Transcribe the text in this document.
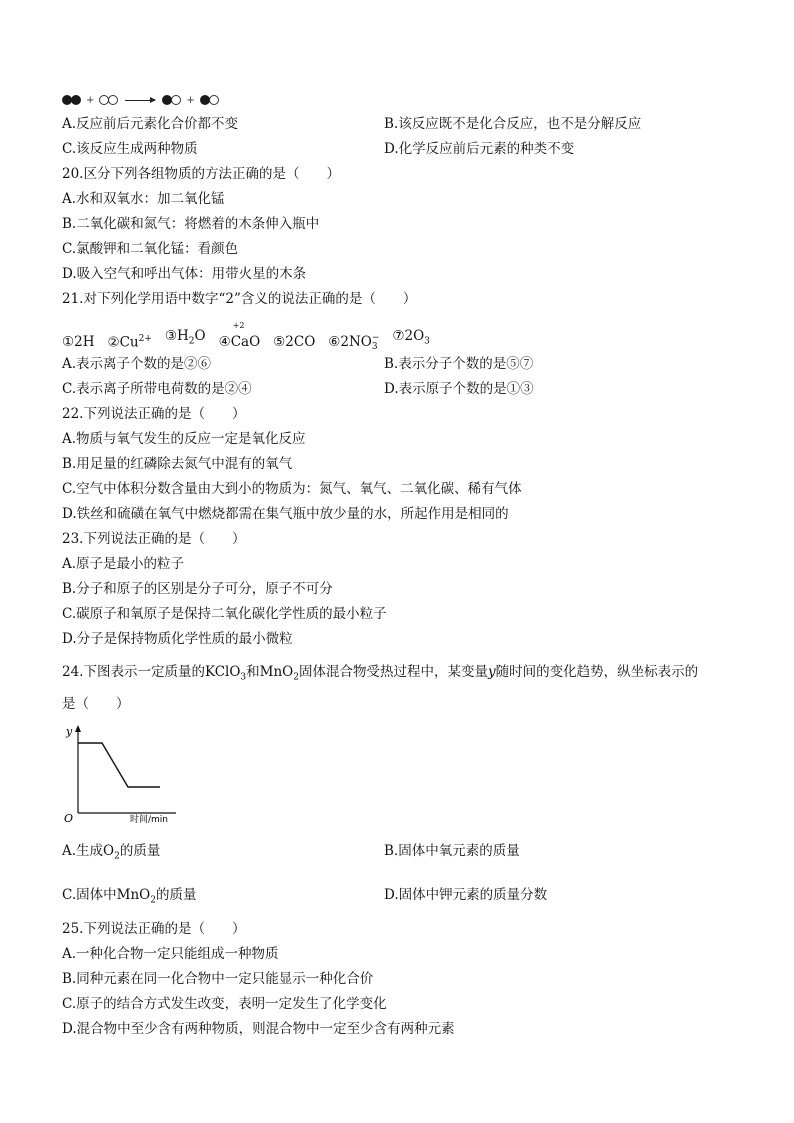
+	+
A.反应前后元素化合价都不变	B.该反应既不是化合反应，也不是分解反应
C.该反应生成两种物质	D.化学反应前后元素的种类不变
20.区分下列各组物质的方法正确的是（　　）
A.水和双氧水：加二氧化锰
B.二氧化碳和氮气：将燃着的木条伸入瓶中
C.氯酸钾和二氧化锰：看颜色
D.吸入空气和呼出气体：用带火星的木条
21.对下列化学用语中数字“2”含义的说法正确的是（　　）
①2H $②Cu^{2+}$ $③H_2O$ ④
+2
CaO ⑤2CO ⑥2NO −
3
$⑦2O_3$
A.表示离子个数的是②⑥	B.表示分子个数的是⑤⑦
C.表示离子所带电荷数的是②④	D.表示原子个数的是①③
22.下列说法正确的是（　　）
A.物质与氧气发生的反应一定是氧化反应
B.用足量的红磷除去氮气中混有的氧气
C.空气中体积分数含量由大到小的物质为：氮气、氧气、二氧化碳、稀有气体
D.铁丝和硫磺在氧气中燃烧都需在集气瓶中放少量的水，所起作用是相同的
23.下列说法正确的是（　　）
A.原子是最小的粒子
B.分子和原子的区别是分子可分，原子不可分
C.碳原子和氧原子是保持二氧化碳化学性质的最小粒子
D.分子是保持物质化学性质的最小微粒
24.下图表示一定质量的KClO$_3$和MnO$_2$固体混合物受热过程中，某变量y随时间的变化趋势，纵坐标表示的
是（　　）
y
O	时间/min
A.生成$O_2$的质量	B.固体中氧元素的质量
C.固体中MnO$_2$的质量	D.固体中钾元素的质量分数
25.下列说法正确的是（　　）
A.一种化合物一定只能组成一种物质
B.同种元素在同一化合物中一定只能显示一种化合价
C.原子的结合方式发生改变，表明一定发生了化学变化
D.混合物中至少含有两种物质，则混合物中一定至少含有两种元素
